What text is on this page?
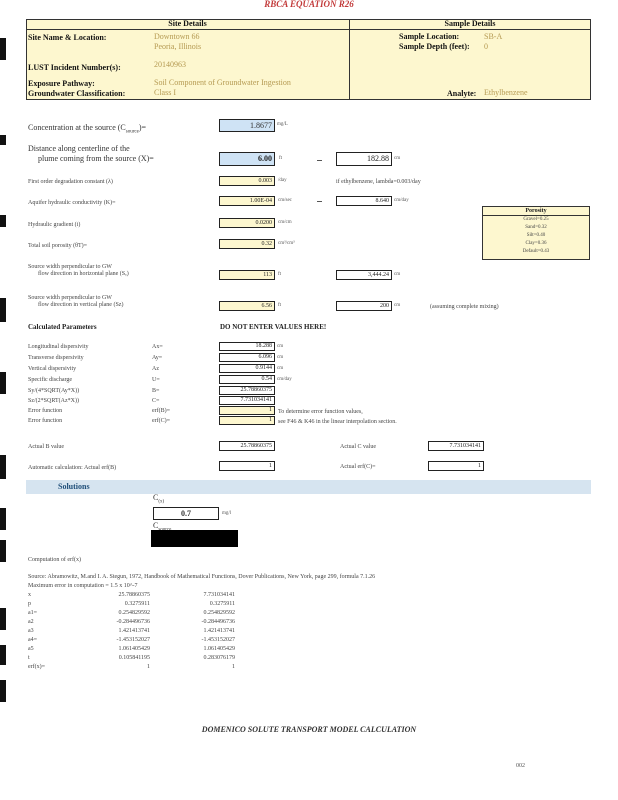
RBCA EQUATION R26
Site Details	Sample Details
Site Name & Location:	Downtown 66
Peoria, Illinois
LUST Incident Number(s):	20140963
Exposure Pathway:	Soil Component of Groundwater Ingestion
Groundwater Classification:	Class I
Sample Location:	SB-A
Sample Depth (feet): 0
Analyte: Ethylbenzene
Concentration at the source $(C_{source})=$	1.8677	mg/L
Distance along centerline of the
plume coming from the source (X)=	6.00	ft	182.88	cm
First order degradation constant (λ)	0.003	/day	if ethylbenzene, lambda=0.003/day
Aquifer hydraulic conductivity (K)=	1.00E-04	cm/sec	8.640	cm/day
Porosity
Gravel=0.25
Sand=0.32
Silt=0.40
Clay=0.36
Default=0.43
Hydraulic gradient (i)	0.0200	cm/cm
Total soil porosity (θT)=	0.32	cm³/cm³
Source width perpendicular to GW
flow direction in horizontal plane (Sᵧ)	113	ft	3,444.24	cm
Source width perpendicular to GW
flow direction in vertical plane (Sz)	6.56	ft	200	cm	(assuming complete mixing)
Calculated Parameters	DO NOT ENTER VALUES HERE!
Longitudinal dispersivity	Ax=	18.288	cm
Transverse dispersivity	Ay=	6.096	cm
Vertical dispersivity	Az	0.9144	cm
Specific discharge	U=	0.54	cm/day
Sy/(4*SQRT(Ay*X))	B=	25.78860375
Sz/(2*SQRT(Az*X))	C=	7.731034141
Error function	erf(B)=	1
Error function	erf(C)=	1
To determine error function values,
see F46 & K46 in the linear interpolation section.
Actual B value	25.78860375	Actual C value	7.731034141
Automatic calculation: Actual erf(B)	1	Actual erf(C)=	1
Solutions
$C_{(x)}$
0.7	mg/l
C
Computation of erf(x)
Source: Abramowitz, M.and I. A. Stegun, 1972, Handbook of Mathematical Functions, Dover Publications, New York, page 299, formula 7.1.26
Maximum error in computation = 1.5 x 10^-7
x	25.78860375	7.731034141
p	0.3275911	0.3275911
a1=	0.254829592	0.254829592
a2	-0.284496736	-0.284496736
a3	1.421413741	1.421413741
a4=	-1.453152027	-1.453152027
a5	1.061405429	1.061405429
t	0.105841195	0.283076179
erf(x)=	1	1
DOMENICO SOLUTE TRANSPORT MODEL CALCULATION
002
